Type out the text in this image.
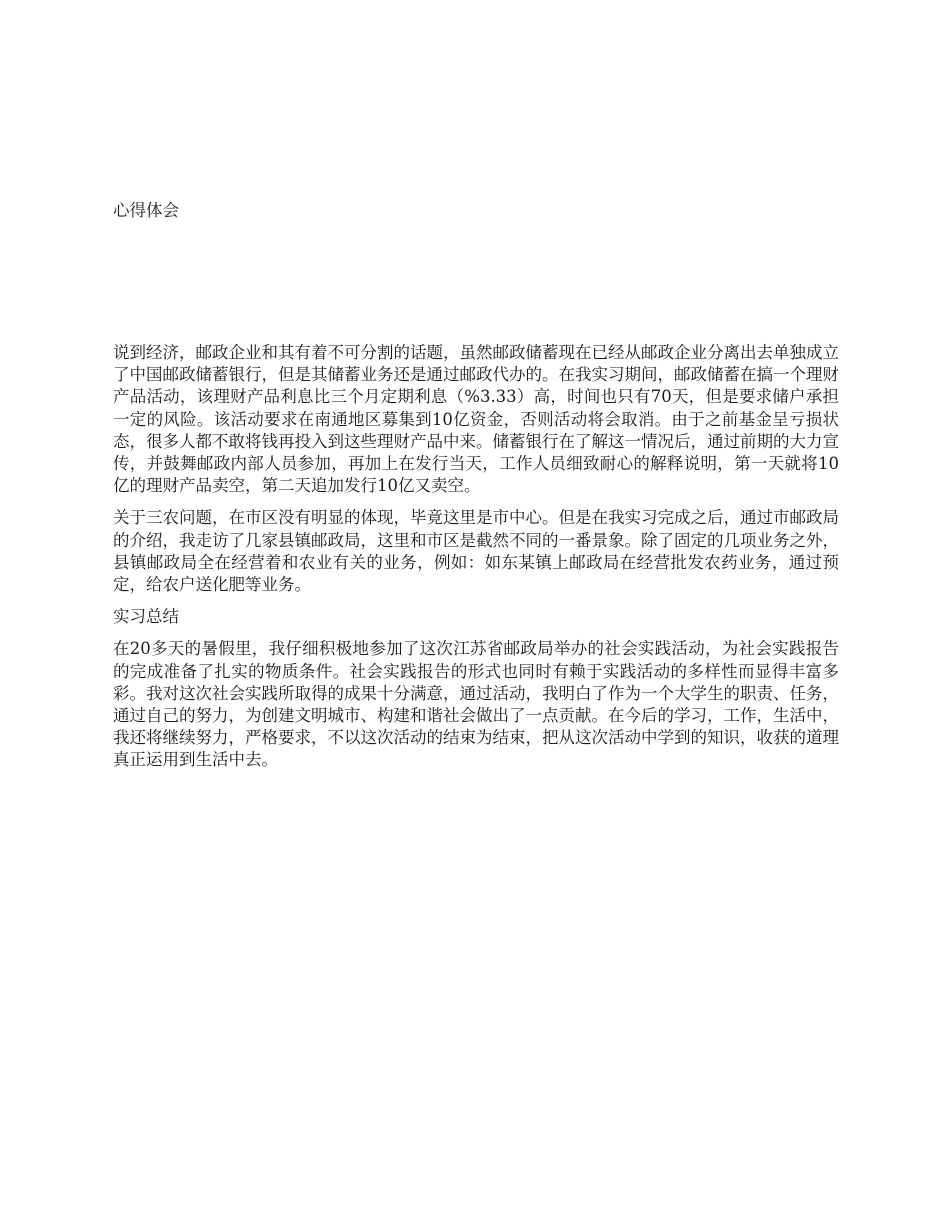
心得体会

说到经济，邮政企业和其有着不可分割的话题，虽然邮政储蓄现在已经从邮政企业分离出去单独成立了中国邮政储蓄银行，但是其储蓄业务还是通过邮政代办的。在我实习期间，邮政储蓄在搞一个理财产品活动，该理财产品利息比三个月定期利息（%3.33）高，时间也只有70天，但是要求储户承担一定的风险。该活动要求在南通地区募集到10亿资金，否则活动将会取消。由于之前基金呈亏损状态，很多人都不敢将钱再投入到这些理财产品中来。储蓄银行在了解这一情况后，通过前期的大力宣传，并鼓舞邮政内部人员参加，再加上在发行当天，工作人员细致耐心的解释说明，第一天就将10亿的理财产品卖空，第二天追加发行10亿又卖空。

关于三农问题，在市区没有明显的体现，毕竟这里是市中心。但是在我实习完成之后，通过市邮政局的介绍，我走访了几家县镇邮政局，这里和市区是截然不同的一番景象。除了固定的几项业务之外，县镇邮政局全在经营着和农业有关的业务，例如：如东某镇上邮政局在经营批发农药业务，通过预定，给农户送化肥等业务。

实习总结

在20多天的暑假里，我仔细积极地参加了这次江苏省邮政局举办的社会实践活动，为社会实践报告的完成准备了扎实的物质条件。社会实践报告的形式也同时有赖于实践活动的多样性而显得丰富多彩。我对这次社会实践所取得的成果十分满意，通过活动，我明白了作为一个大学生的职责、任务，通过自己的努力，为创建文明城市、构建和谐社会做出了一点贡献。在今后的学习，工作，生活中，我还将继续努力，严格要求，不以这次活动的结束为结束，把从这次活动中学到的知识，收获的道理真正运用到生活中去。
